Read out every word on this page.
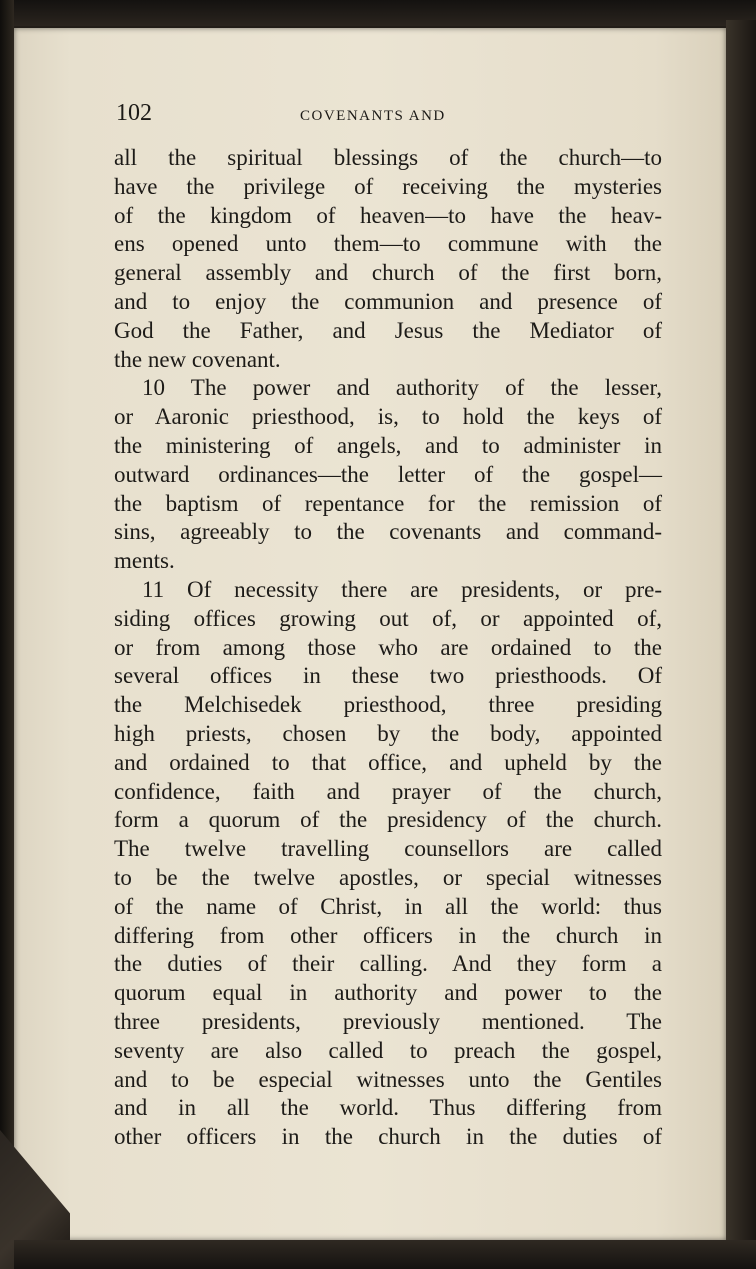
102	COVENANTS AND
all the spiritual blessings of the church—to
have the privilege of receiving the mysteries
of the kingdom of heaven—to have the heav-
ens opened unto them—to commune with the
general assembly and church of the first born,
and to enjoy the communion and presence of
God the Father, and Jesus the Mediator of
the new covenant.
10 The power and authority of the lesser,
or Aaronic priesthood, is, to hold the keys of
the ministering of angels, and to administer in
outward ordinances—the letter of the gospel—
the baptism of repentance for the remission of
sins, agreeably to the covenants and command-
ments.
11 Of necessity there are presidents, or pre-
siding offices growing out of, or appointed of,
or from among those who are ordained to the
several offices in these two priesthoods. Of
the Melchisedek priesthood, three presiding
high priests, chosen by the body, appointed
and ordained to that office, and upheld by the
confidence, faith and prayer of the church,
form a quorum of the presidency of the church.
The twelve travelling counsellors are called
to be the twelve apostles, or special witnesses
of the name of Christ, in all the world: thus
differing from other officers in the church in
the duties of their calling. And they form a
quorum equal in authority and power to the
three presidents, previously mentioned. The
seventy are also called to preach the gospel,
and to be especial witnesses unto the Gentiles
and in all the world. Thus differing from
other officers in the church in the duties of
